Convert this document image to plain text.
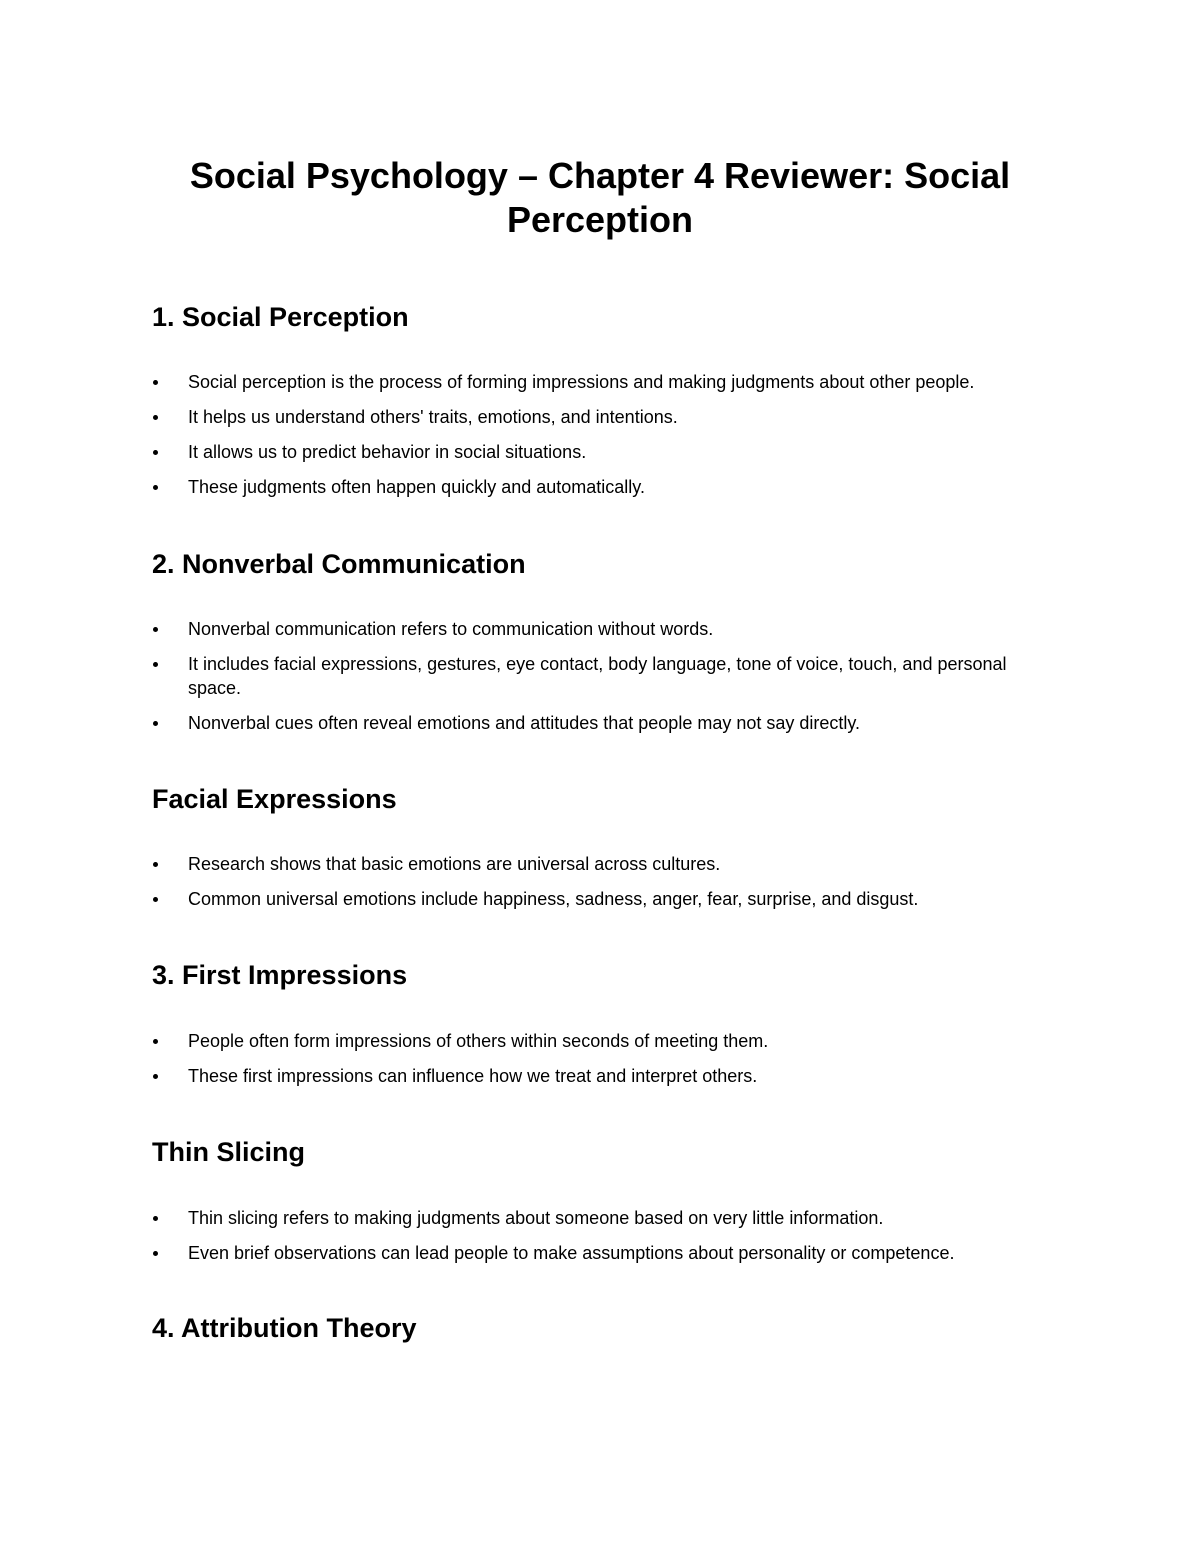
Social Psychology – Chapter 4 Reviewer: Social Perception
1. Social Perception
Social perception is the process of forming impressions and making judgments about other people.
It helps us understand others' traits, emotions, and intentions.
It allows us to predict behavior in social situations.
These judgments often happen quickly and automatically.
2. Nonverbal Communication
Nonverbal communication refers to communication without words.
It includes facial expressions, gestures, eye contact, body language, tone of voice, touch, and personal space.
Nonverbal cues often reveal emotions and attitudes that people may not say directly.
Facial Expressions
Research shows that basic emotions are universal across cultures.
Common universal emotions include happiness, sadness, anger, fear, surprise, and disgust.
3. First Impressions
People often form impressions of others within seconds of meeting them.
These first impressions can influence how we treat and interpret others.
Thin Slicing
Thin slicing refers to making judgments about someone based on very little information.
Even brief observations can lead people to make assumptions about personality or competence.
4. Attribution Theory
